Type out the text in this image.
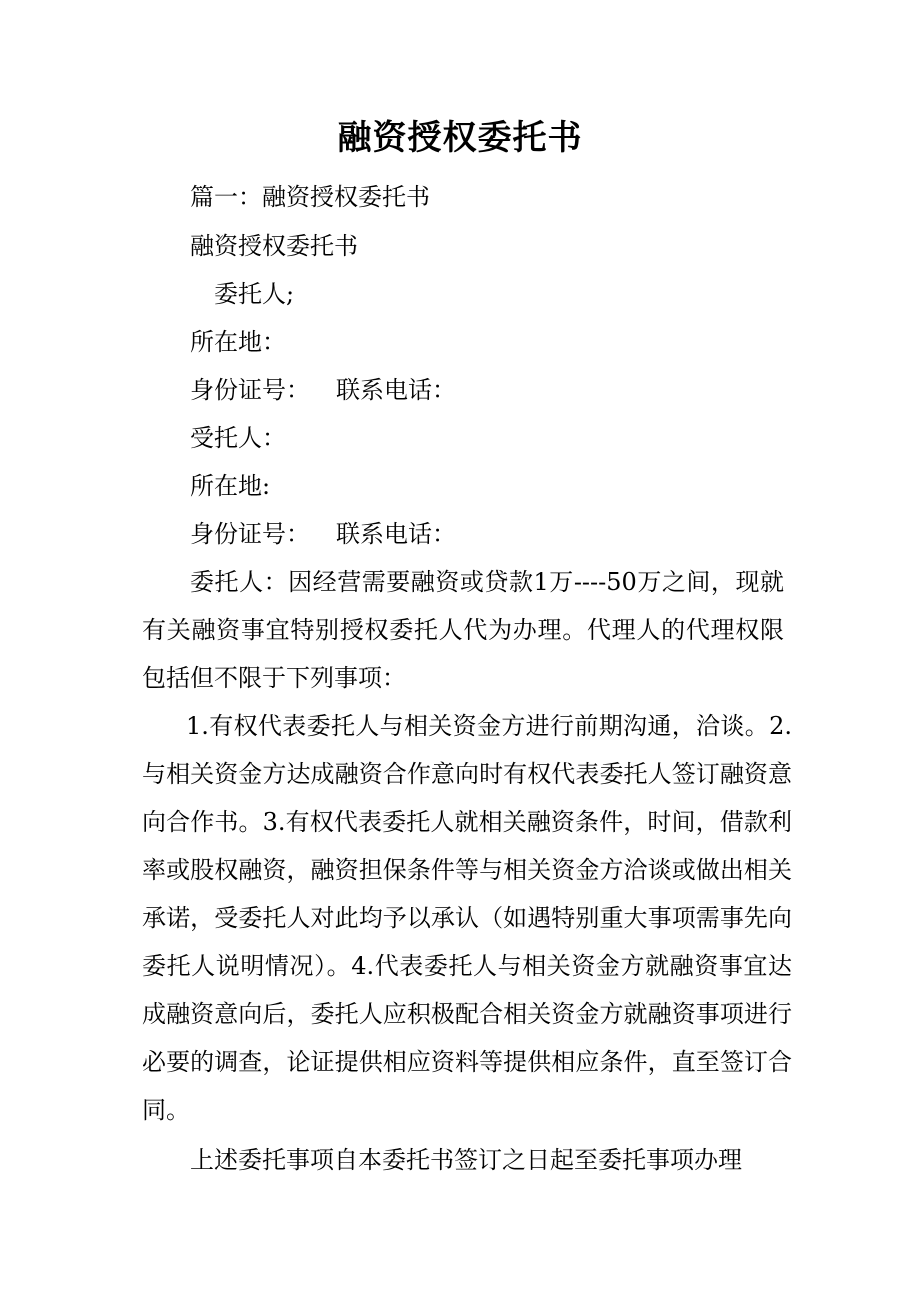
融资授权委托书
篇一：融资授权委托书
融资授权委托书
委托人;
所在地：
身份证号： 联系电话：
受托人：
所在地:
身份证号： 联系电话：
委托人：因经营需要融资或贷款1万----50万之间，现就有关融资事宜特别授权委托人代为办理。代理人的代理权限包括但不限于下列事项：
1.有权代表委托人与相关资金方进行前期沟通，洽谈。2.与相关资金方达成融资合作意向时有权代表委托人签订融资意向合作书。3.有权代表委托人就相关融资条件，时间，借款利率或股权融资，融资担保条件等与相关资金方洽谈或做出相关承诺，受委托人对此均予以承认（如遇特别重大事项需事先向委托人说明情况）。4.代表委托人与相关资金方就融资事宜达成融资意向后，委托人应积极配合相关资金方就融资事项进行必要的调查，论证提供相应资料等提供相应条件，直至签订合同。
上述委托事项自本委托书签订之日起至委托事项办理
